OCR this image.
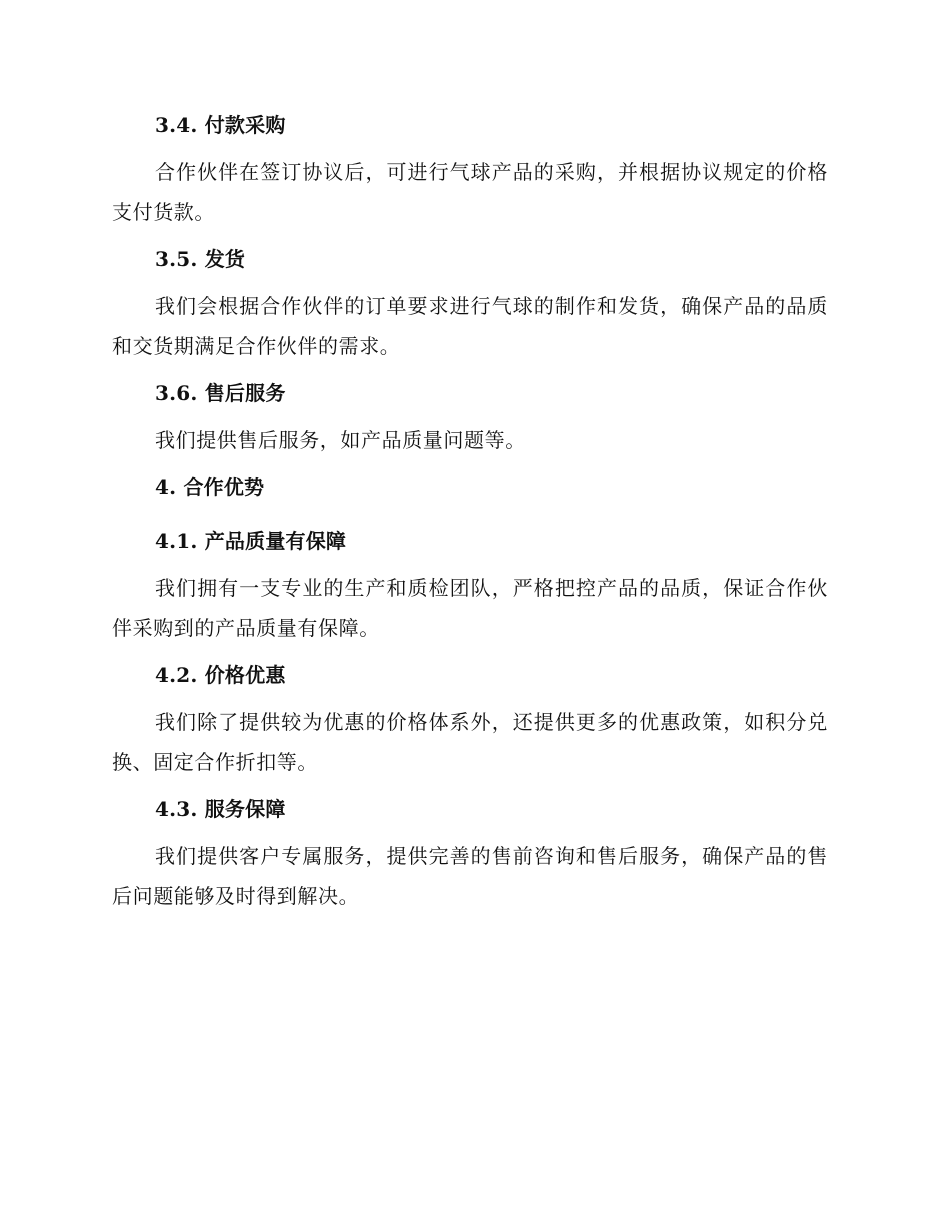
3.4. 付款采购

合作伙伴在签订协议后，可进行气球产品的采购，并根据协议规定的价格支付货款。

3.5. 发货

我们会根据合作伙伴的订单要求进行气球的制作和发货，确保产品的品质和交货期满足合作伙伴的需求。

3.6. 售后服务

我们提供售后服务，如产品质量问题等。

4. 合作优势
4.1. 产品质量有保障

我们拥有一支专业的生产和质检团队，严格把控产品的品质，保证合作伙伴采购到的产品质量有保障。

4.2. 价格优惠

我们除了提供较为优惠的价格体系外，还提供更多的优惠政策，如积分兑换、固定合作折扣等。

4.3. 服务保障

我们提供客户专属服务，提供完善的售前咨询和售后服务，确保产品的售后问题能够及时得到解决。
